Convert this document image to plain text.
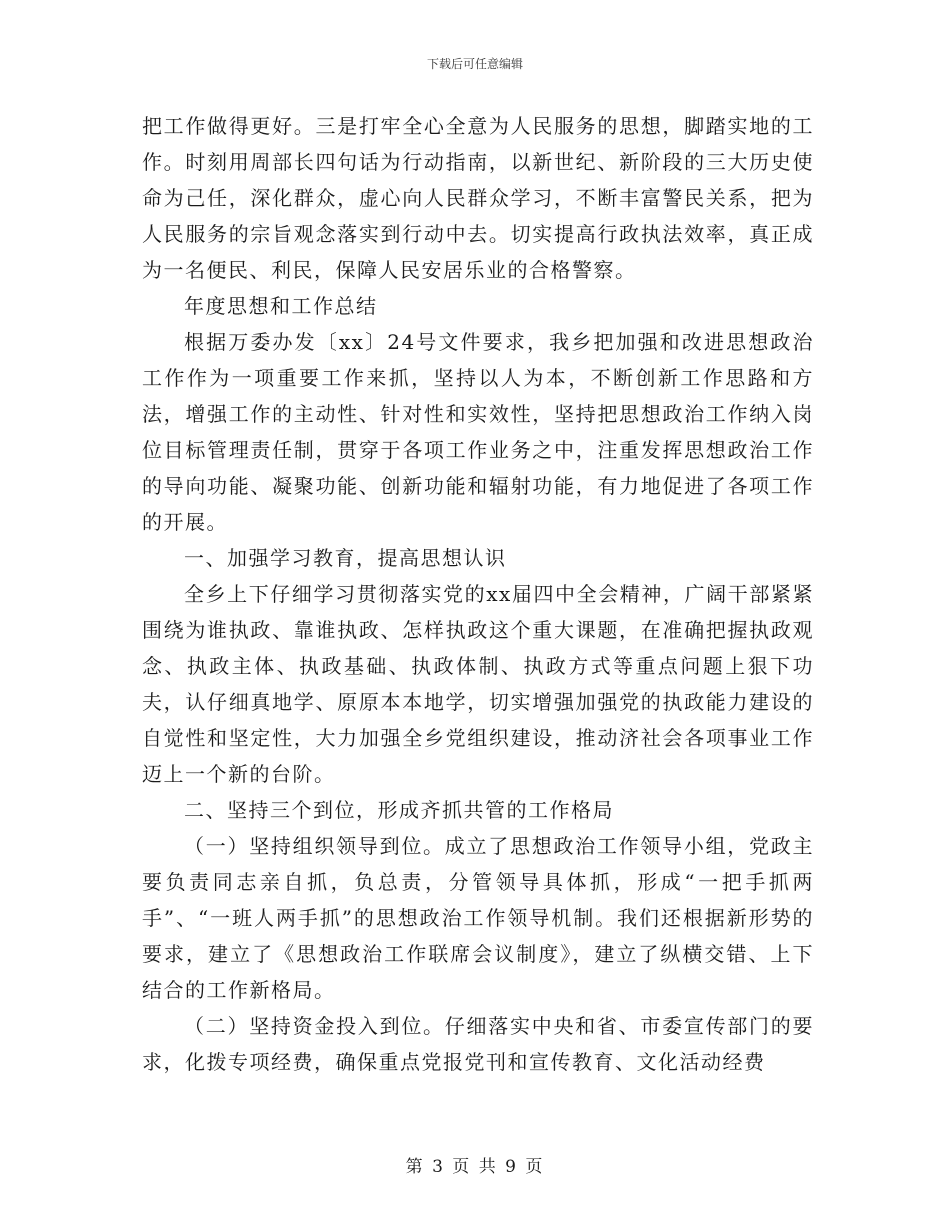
下载后可任意编辑

把工作做得更好。三是打牢全心全意为人民服务的思想，脚踏实地的工作。时刻用周部长四句话为行动指南，以新世纪、新阶段的三大历史使命为己任，深化群众，虚心向人民群众学习，不断丰富警民关系，把为人民服务的宗旨观念落实到行动中去。切实提高行政执法效率，真正成为一名便民、利民，保障人民安居乐业的合格警察。

年度思想和工作总结

根据万委办发〔xx〕24号文件要求，我乡把加强和改进思想政治工作作为一项重要工作来抓，坚持以人为本，不断创新工作思路和方法，增强工作的主动性、针对性和实效性，坚持把思想政治工作纳入岗位目标管理责任制，贯穿于各项工作业务之中，注重发挥思想政治工作的导向功能、凝聚功能、创新功能和辐射功能，有力地促进了各项工作的开展。

一、加强学习教育，提高思想认识

全乡上下仔细学习贯彻落实党的xx届四中全会精神，广阔干部紧紧围绕为谁执政、靠谁执政、怎样执政这个重大课题，在准确把握执政观念、执政主体、执政基础、执政体制、执政方式等重点问题上狠下功夫，认仔细真地学、原原本本地学，切实增强加强党的执政能力建设的自觉性和坚定性，大力加强全乡党组织建设，推动济社会各项事业工作迈上一个新的台阶。

二、坚持三个到位，形成齐抓共管的工作格局

（一）坚持组织领导到位。成立了思想政治工作领导小组，党政主要负责同志亲自抓，负总责，分管领导具体抓，形成“一把手抓两手”、“一班人两手抓”的思想政治工作领导机制。我们还根据新形势的要求，建立了《思想政治工作联席会议制度》，建立了纵横交错、上下结合的工作新格局。

（二）坚持资金投入到位。仔细落实中央和省、市委宣传部门的要求，化拨专项经费，确保重点党报党刊和宣传教育、文化活动经费

第 3 页 共 9 页
